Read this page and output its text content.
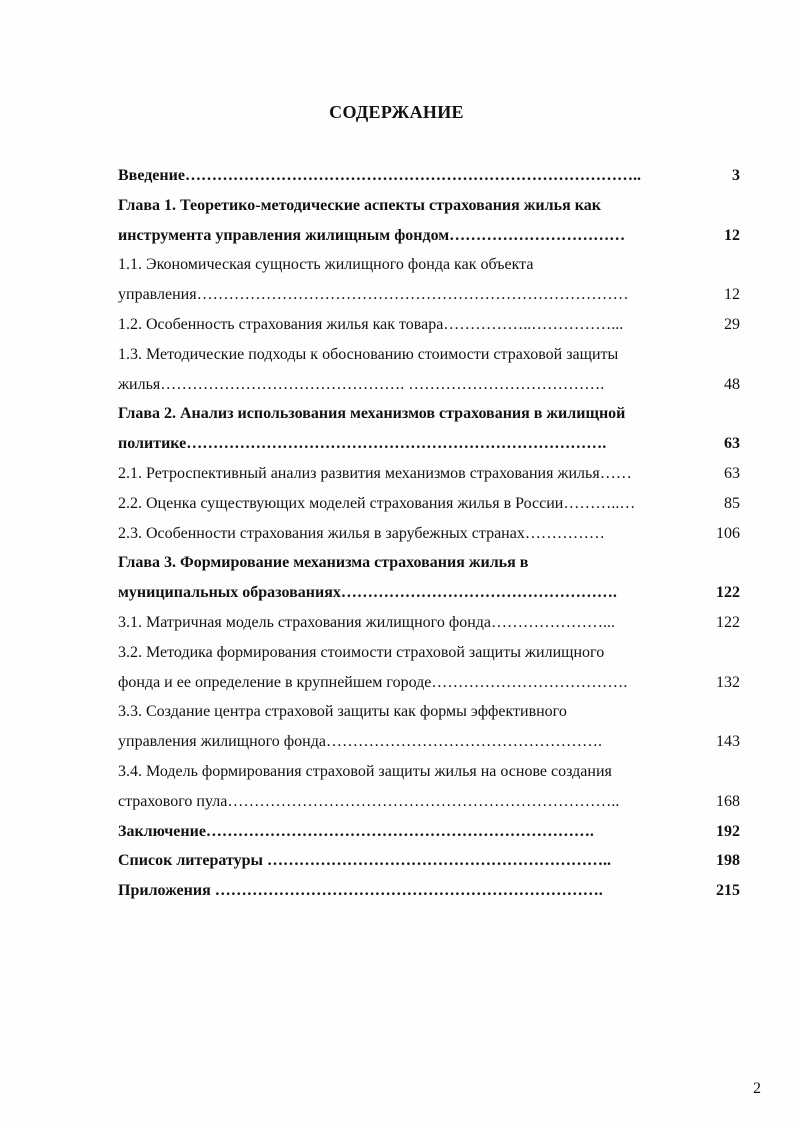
СОДЕРЖАНИЕ
Введение…………………………………………………………………………..	3
Глава 1. Теоретико-методические аспекты страхования жилья как
инструмента управления жилищным фондом……………………………	12
1.1. Экономическая сущность жилищного фонда как объекта
управления………………………………………………………………………	12
1.2. Особенность страхования жилья как товара……………..……………...	29
1.3. Методические подходы к обоснованию стоимости страховой защиты
жилья………………………………………. ……………………………….	48
Глава 2. Анализ использования механизмов страхования в жилищной
политике…………………………………………………………………….	63
2.1. Ретроспективный анализ развития механизмов страхования жилья……	63
2.2. Оценка существующих моделей страхования жилья в России………..…	85
2.3. Особенности страхования жилья в зарубежных странах……………	106
Глава 3. Формирование механизма страхования жилья в
муниципальных образованиях…………………………………………….	122
3.1. Матричная модель страхования жилищного фонда…………………...	122
3.2. Методика формирования стоимости страховой защиты жилищного
фонда и ее определение в крупнейшем городе……………………………….	132
3.3. Создание центра страховой защиты как формы эффективного
управления жилищного фонда…………………………………………….	143
3.4. Модель формирования страховой защиты жилья на основе создания
страхового пула………………………………………………………………..	168
Заключение……………………………………………………………….	192
Список литературы ………………………………………………………..	198
Приложения ……………………………………………………………….	215
2
